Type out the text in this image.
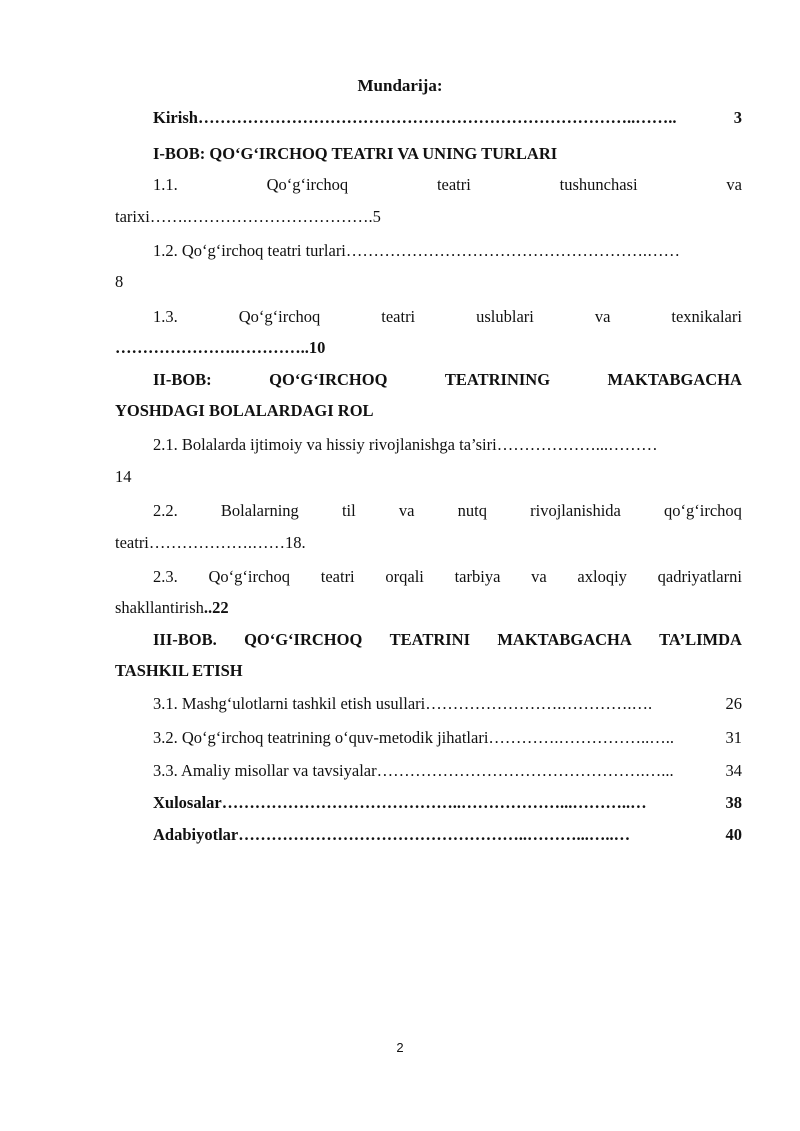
Mundarija:
Kirish ……………………………………………………………………..……..	3
I-BOB: QO‘G‘IRCHOQ TEATRI VA UNING TURLARI
1.1.	Qo‘g‘irchoq	teatri	tushunchasi	va
tarixi…….…………………………….5
1.2. Qo‘g‘irchoq teatri turlari ……………………………………………….……
8
1.3.	Qo‘g‘irchoq	teatri	uslublari	va	texnikalari
………………….…………..10
II-BOB:	QO‘G‘IRCHOQ	TEATRINING	MAKTABGACHA
YOSHDAGI BOLALARDAGI ROL
2.1. Bolalarda ijtimoiy va hissiy rivojlanishga ta’siri ………………...………
14
2.2.	Bolalarning	til	va	nutq	rivojlanishida	qo‘g‘irchoq
teatri……………….……18.
2.3. Qo‘g‘irchoq teatri orqali tarbiya va axloqiy qadriyatlarni
shakllantirish..22
III-BOB. QO‘G‘IRCHOQ TEATRINI MAKTABGACHA TA’LIMDA
TASHKIL ETISH
3.1. Mashg‘ulotlarni tashkil etish usullari …………………….………….….	26
3.2. Qo‘g‘irchoq teatrining o‘quv-metodik jihatlari ………….……………..…..	31
3.3. Amaliy misollar va tavsiyalar ………………………………………….…...	34
Xulosalar ……………………………………..………………...………..…	38
Adabiyotlar ……………………………………………..………...…..…	40
2
